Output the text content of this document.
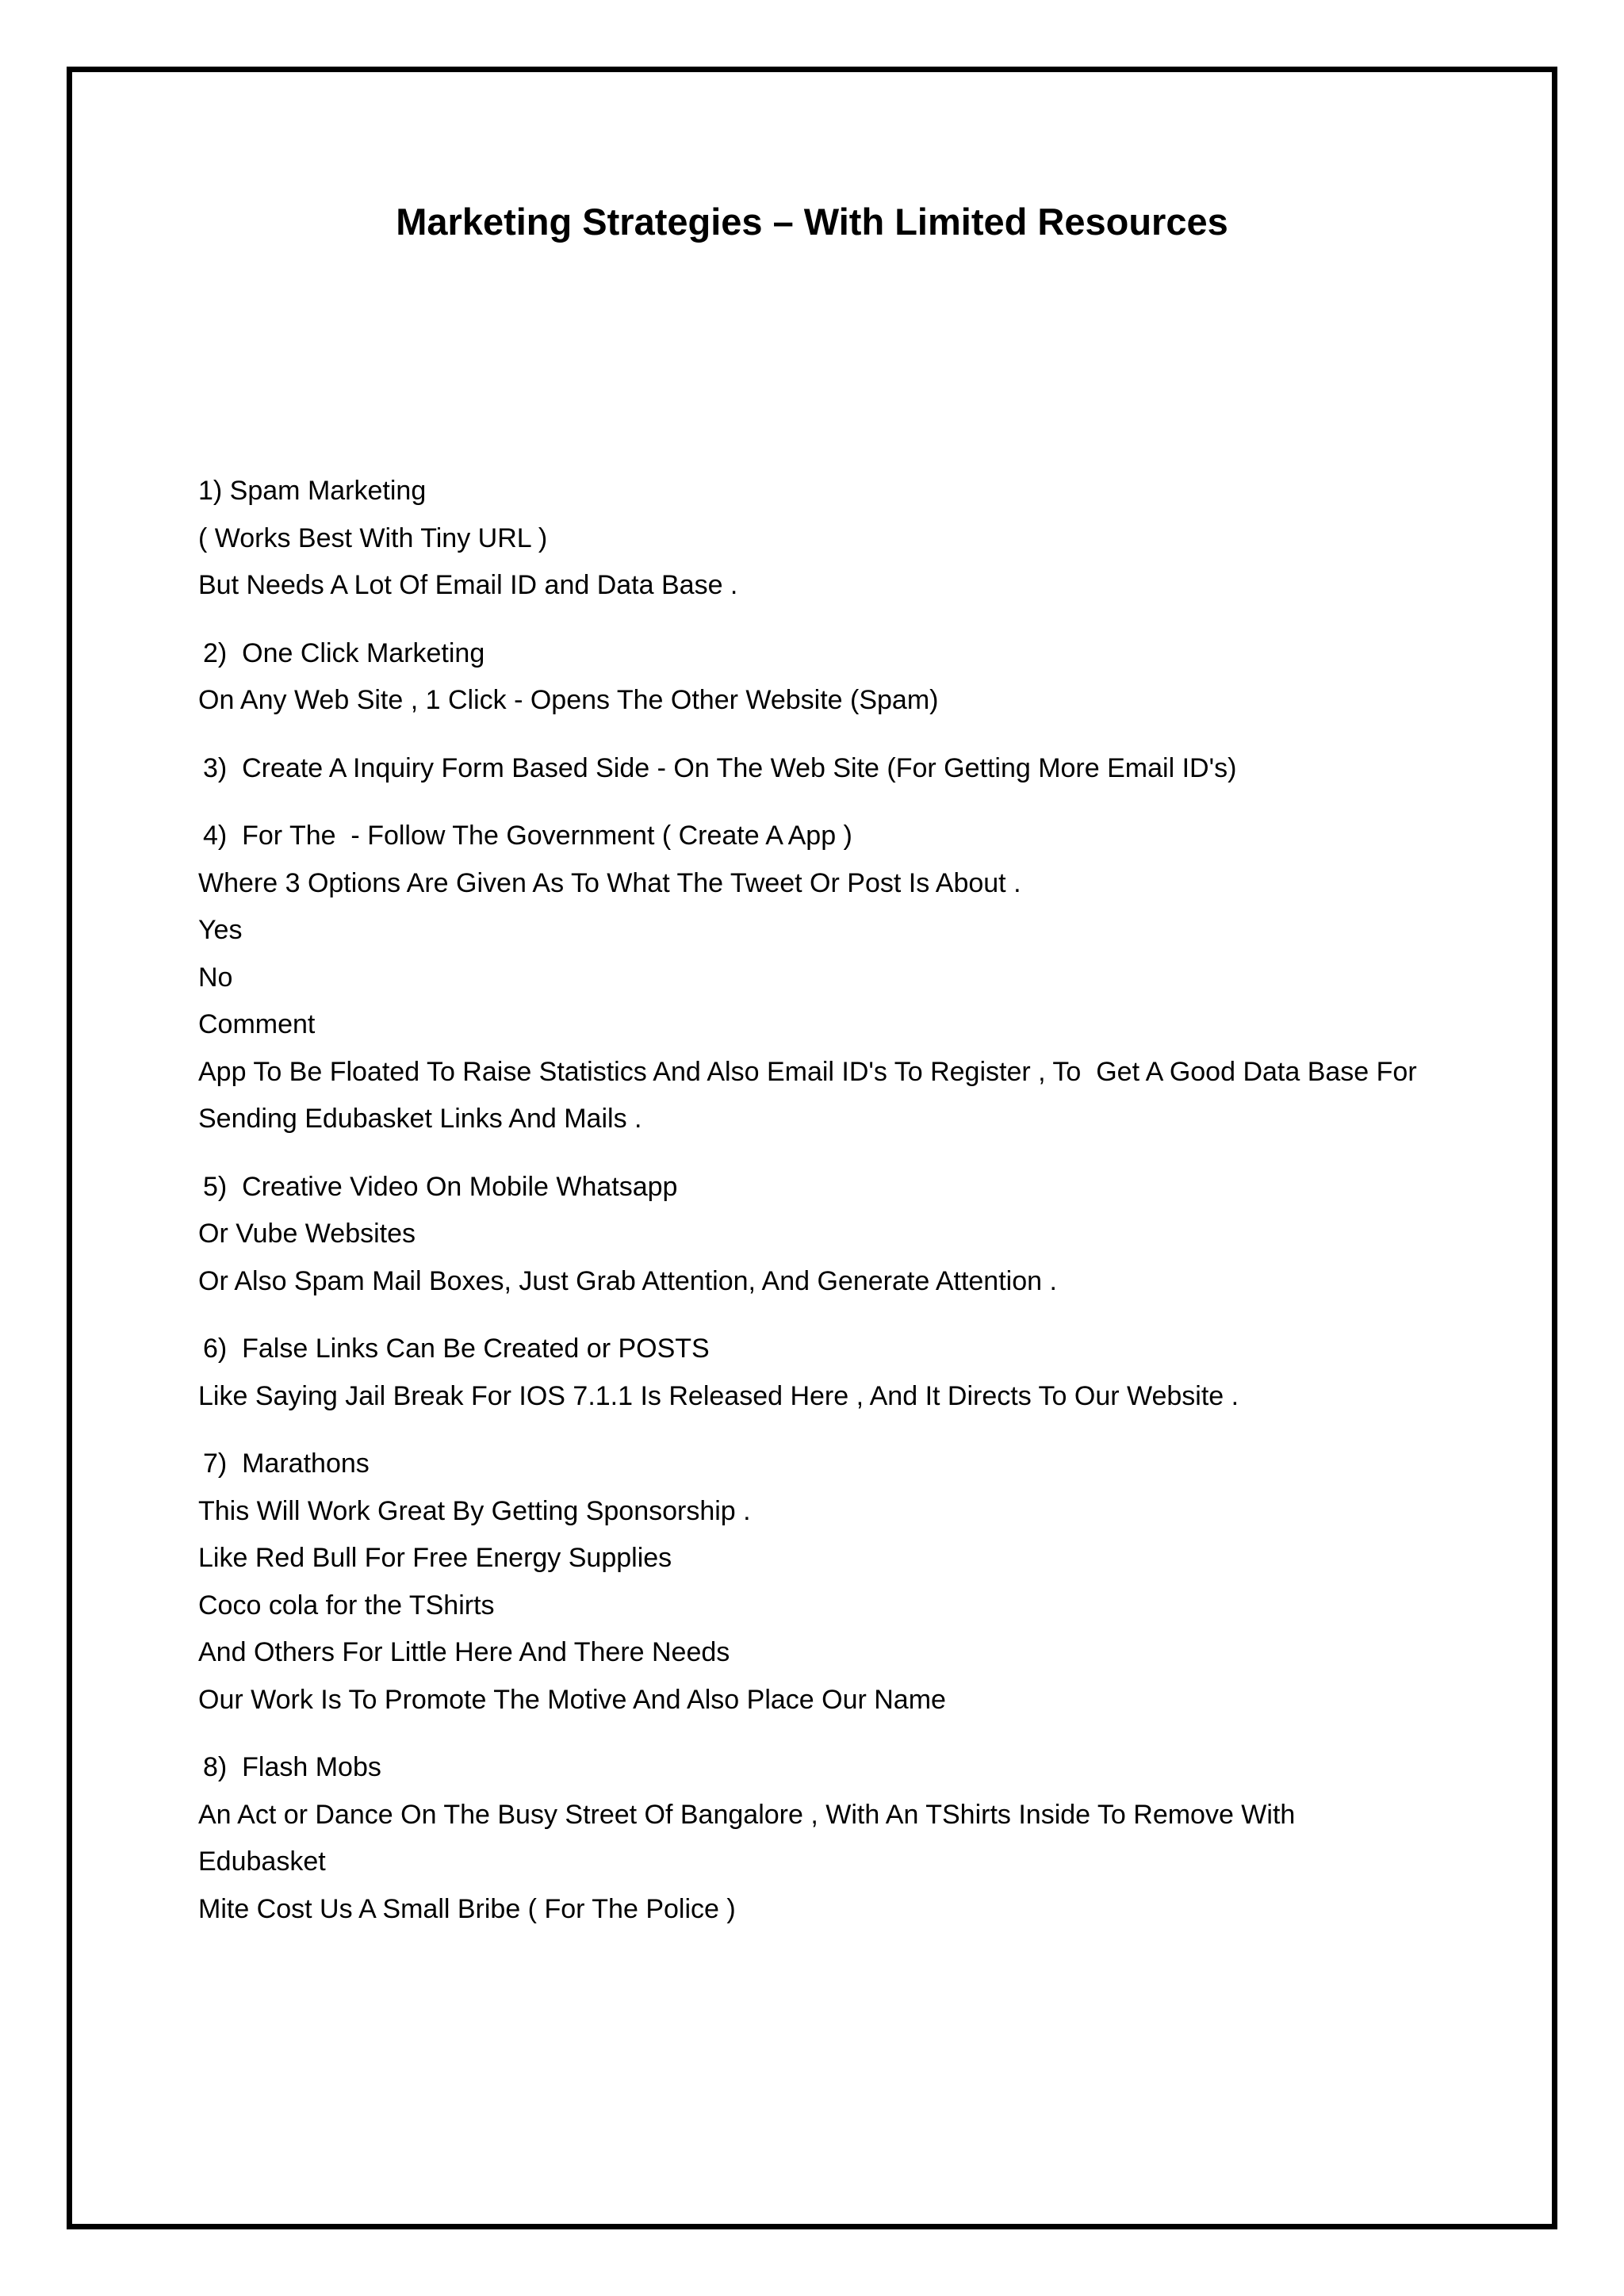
Marketing Strategies – With Limited Resources
1) Spam Marketing
( Works Best With Tiny URL )
But Needs A Lot Of Email ID and Data Base .
2)  One Click Marketing
On Any Web Site , 1 Click - Opens The Other Website (Spam)
3)  Create A Inquiry Form Based Side - On The Web Site (For Getting More Email ID's)
4)  For The  - Follow The Government ( Create A App )
Where 3 Options Are Given As To What The Tweet Or Post Is About .
Yes
No
Comment
App To Be Floated To Raise Statistics And Also Email ID's To Register , To  Get A Good Data Base For
Sending Edubasket Links And Mails .
5)  Creative Video On Mobile Whatsapp
Or Vube Websites
Or Also Spam Mail Boxes, Just Grab Attention, And Generate Attention .
6)  False Links Can Be Created or POSTS
Like Saying Jail Break For IOS 7.1.1 Is Released Here , And It Directs To Our Website .
7)  Marathons
This Will Work Great By Getting Sponsorship .
Like Red Bull For Free Energy Supplies
Coco cola for the TShirts
And Others For Little Here And There Needs
Our Work Is To Promote The Motive And Also Place Our Name
8)  Flash Mobs
An Act or Dance On The Busy Street Of Bangalore , With An TShirts Inside To Remove With
Edubasket
Mite Cost Us A Small Bribe ( For The Police )
